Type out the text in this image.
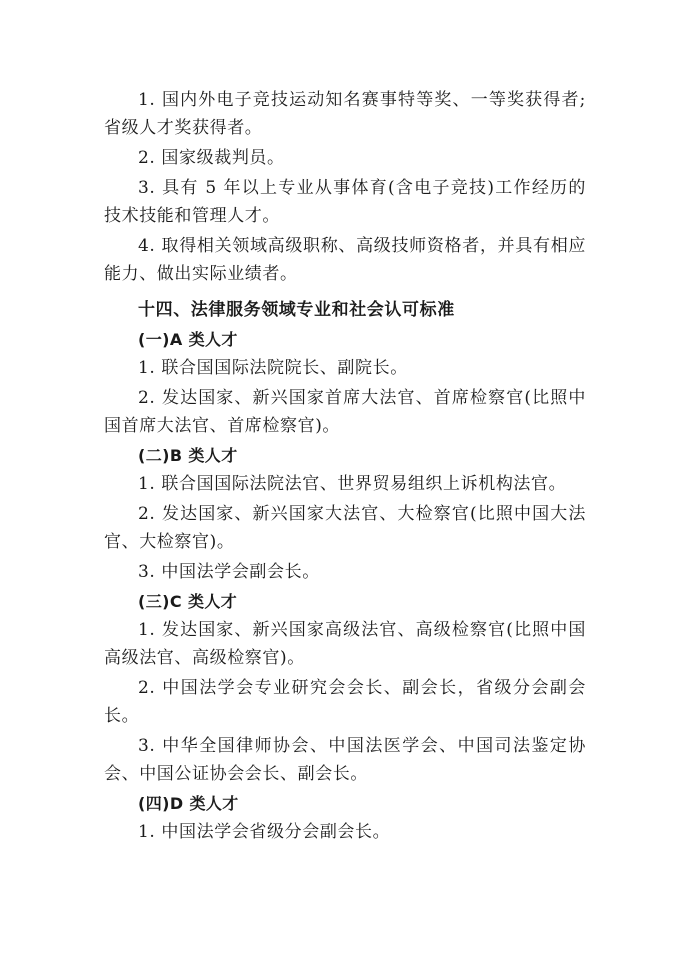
1. 国内外电子竞技运动知名赛事特等奖、一等奖获得者;省级人才奖获得者。

2. 国家级裁判员。

3. 具有 5 年以上专业从事体育(含电子竞技)工作经历的技术技能和管理人才。

4. 取得相关领域高级职称、高级技师资格者，并具有相应能力、做出实际业绩者。

十四、法律服务领域专业和社会认可标准
(一)A 类人才

1. 联合国国际法院院长、副院长。

2. 发达国家、新兴国家首席大法官、首席检察官(比照中国首席大法官、首席检察官)。

(二)B 类人才

1. 联合国国际法院法官、世界贸易组织上诉机构法官。

2. 发达国家、新兴国家大法官、大检察官(比照中国大法官、大检察官)。

3. 中国法学会副会长。

(三)C 类人才

1. 发达国家、新兴国家高级法官、高级检察官(比照中国高级法官、高级检察官)。

2. 中国法学会专业研究会会长、副会长，省级分会副会长。

3. 中华全国律师协会、中国法医学会、中国司法鉴定协会、中国公证协会会长、副会长。

(四)D 类人才

1. 中国法学会省级分会副会长。
